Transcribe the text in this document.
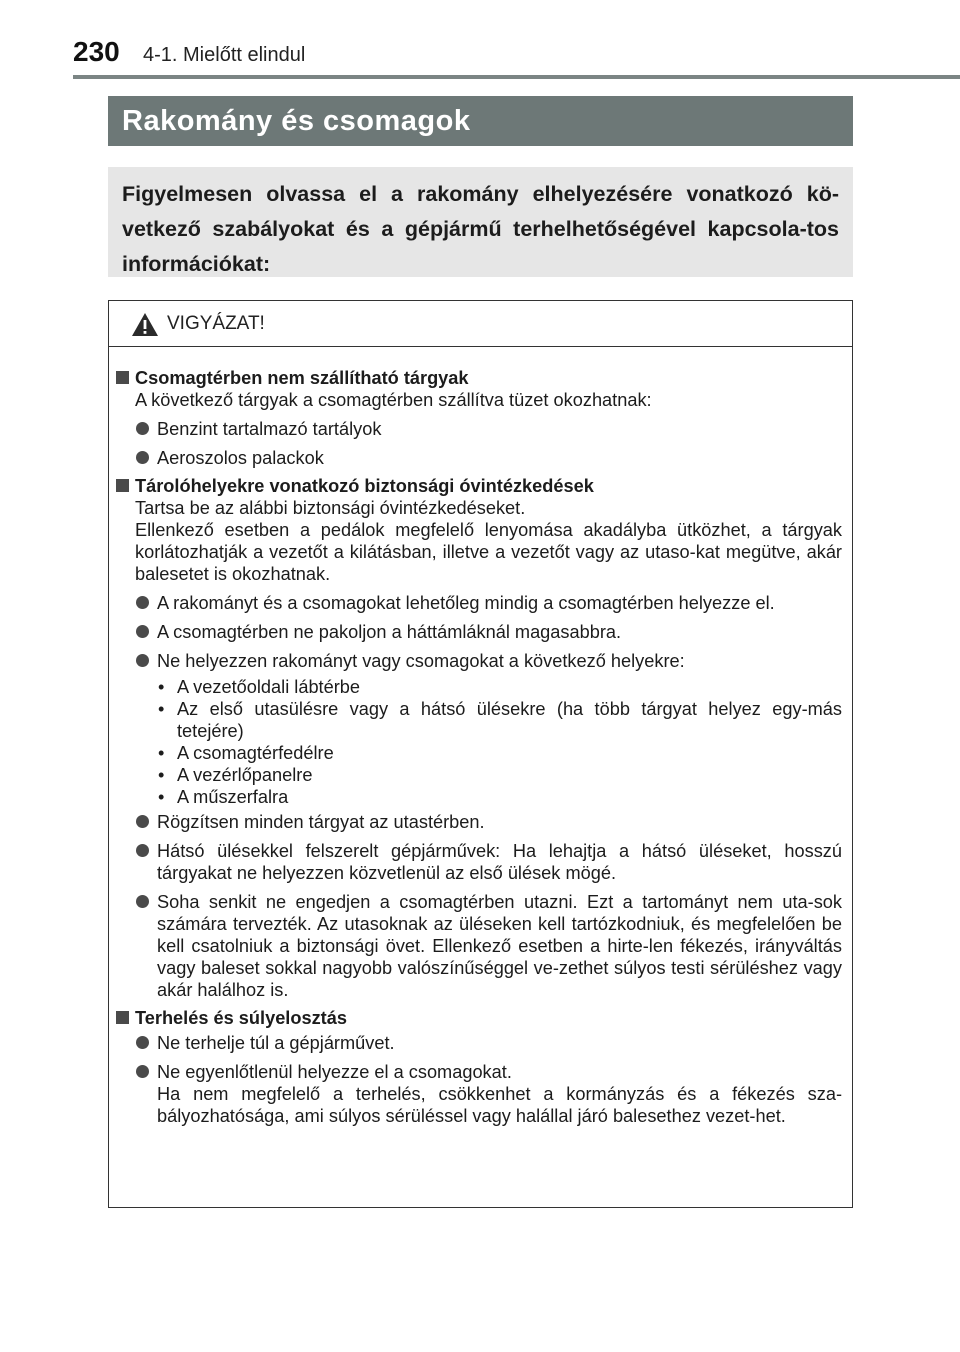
230 4-1. Mielőtt elindul
Rakomány és csomagok

Figyelmesen olvassa el a rakomány elhelyezésére vonatkozó kö-vetkező szabályokat és a gépjármű terhelhetőségével kapcsola-tos információkat:

VIGYÁZAT!
Csomagtérben nem szállítható tárgyak
A következő tárgyak a csomagtérben szállítva tüzet okozhatnak:
Benzint tartalmazó tartályok
Aeroszolos palackok
Tárolóhelyekre vonatkozó biztonsági óvintézkedések
Tartsa be az alábbi biztonsági óvintézkedéseket.
Ellenkező esetben a pedálok megfelelő lenyomása akadályba ütközhet, a tárgyak korlátozhatják a vezetőt a kilátásban, illetve a vezetőt vagy az utaso-kat megütve, akár balesetet is okozhatnak.
A rakományt és a csomagokat lehetőleg mindig a csomagtérben helyezze el.
A csomagtérben ne pakoljon a háttámláknál magasabbra.
Ne helyezzen rakományt vagy csomagokat a következő helyekre:
• A vezetőoldali lábtérbe
• Az első utasülésre vagy a hátsó ülésekre (ha több tárgyat helyez egy-más tetejére)
• A csomagtérfedélre
• A vezérlőpanelre
• A műszerfalra
Rögzítsen minden tárgyat az utastérben.
Hátsó ülésekkel felszerelt gépjárművek: Ha lehajtja a hátsó üléseket, hosszú tárgyakat ne helyezzen közvetlenül az első ülések mögé.
Soha senkit ne engedjen a csomagtérben utazni. Ezt a tartományt nem uta-sok számára tervezték. Az utasoknak az üléseken kell tartózkodniuk, és megfelelően be kell csatolniuk a biztonsági övet. Ellenkező esetben a hirte-len fékezés, irányváltás vagy baleset sokkal nagyobb valószínűséggel ve-zethet súlyos testi sérüléshez vagy akár halálhoz is.
Terhelés és súlyelosztás
Ne terhelje túl a gépjárművet.
Ne egyenlőtlenül helyezze el a csomagokat.
Ha nem megfelelő a terhelés, csökkenhet a kormányzás és a fékezés sza-bályozhatósága, ami súlyos sérüléssel vagy halállal járó balesethez vezet-het.
